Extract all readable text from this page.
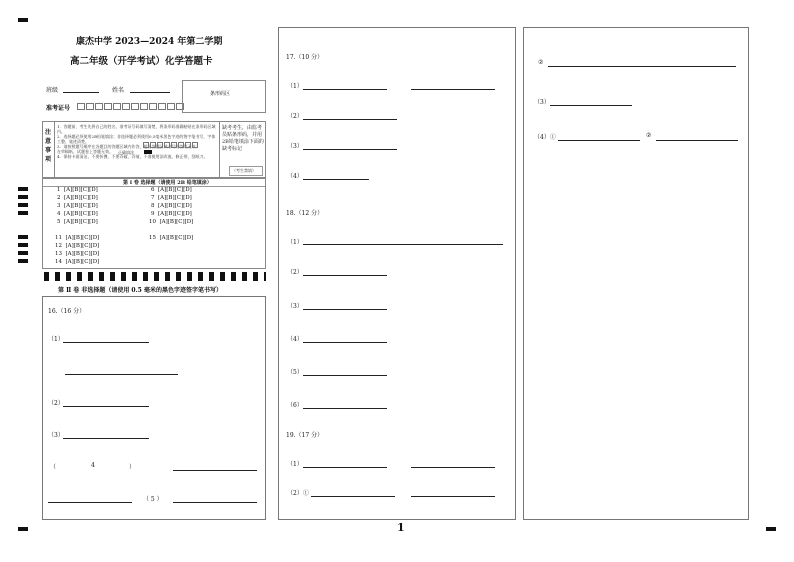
康杰中学 2023—2024 年第二学期
高二年级（开学考试）化学答题卡
班级	姓名
准考证号
条形码区
注意事项
1．答题前，考生先将自己的姓名、准考证号码填写清楚，将条形码准确粘贴在条形码区域内。
2．选择题必须使用2B铅笔填涂；非选择题必须使用0.5毫米黑色字迹的签字笔书写，字体工整、笔迹清楚。
3．请按照题号顺序在各题目的答题区域内作答，超出答题区域书写的答案无效；
在草稿纸、试题卷上答题无效。
4．保持卡面清洁，不要折叠、不要弄破、弄皱，不准使用涂改液、修正带、刮纸刀。
正确填涂
缺考考生，由监考员贴条形码，并用2B铅笔填涂下面的缺考标记
（考生禁填）
第 I 卷 选择题（请使用 2B 铅笔填涂）
1 [A][B][C][D]
2 [A][B][C][D]
3 [A][B][C][D]
4 [A][B][C][D]
5 [A][B][C][D]
6 [A][B][C][D]
7 [A][B][C][D]
8 [A][B][C][D]
9 [A][B][C][D]
10 [A][B][C][D]
11 [A][B][C][D]
12 [A][B][C][D]
13 [A][B][C][D]
14 [A][B][C][D]
15 [A][B][C][D]
第 Ⅱ 卷 非选择题（请使用 0.5 毫米的黑色字迹签字笔书写）
16.（16 分）
（1）
（2）
（3）
（	4	）
（ 5 ）
17.（10 分）
（1）
（2）
（3）
（4）
18.（12 分）
（1）
（2）
（3）
（4）
（5）
（6）
19.（17 分）
（1）
（2）①
1
②
（3）
（4）①	②
